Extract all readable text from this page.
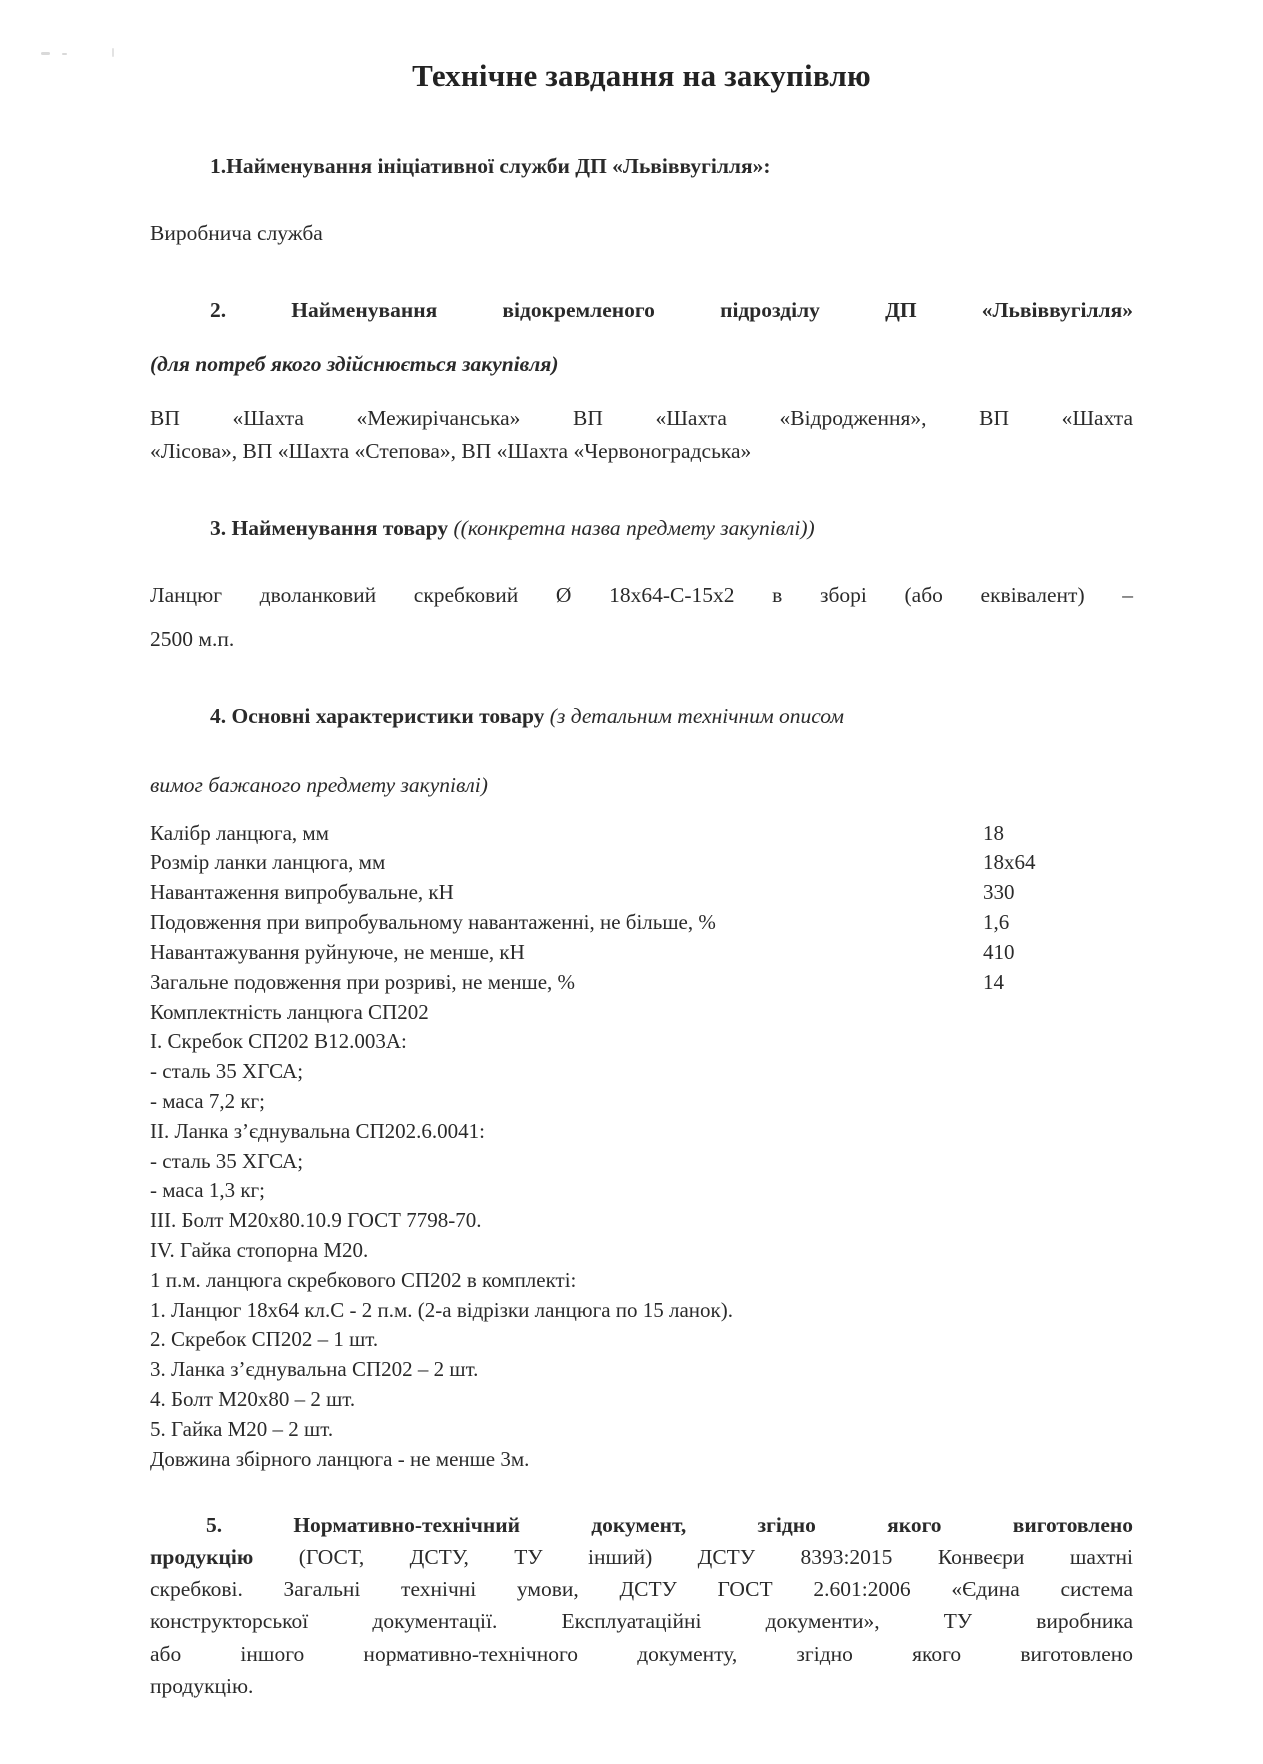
Технічне завдання на закупівлю

1.Найменування ініціативної служби ДП «Львіввугілля»:

Виробнича служба

2. Найменування відокремленого підрозділу ДП «Львіввугілля»

(для потреб якого здійснюється закупівля)

ВП «Шахта «Межирічанська» ВП «Шахта «Відродження», ВП «Шахта

«Лісова», ВП «Шахта «Степова», ВП «Шахта «Червоноградська»

3. Найменування товару ((конкретна назва предмету закупівлі))

Ланцюг дволанковий скребковий Ø 18х64-С-15х2 в зборі (або еквівалент) –

2500 м.п.

4. Основні характеристики товару (з детальним технічним описом

вимог бажаного предмету закупівлі)

Калібр ланцюга, мм	18
Розмір ланки ланцюга, мм	18х64
Навантаження випробувальне, кН	330
Подовження при випробувальному навантаженні, не більше, %	1,6
Навантажування руйнуюче, не менше, кН	410
Загальне подовження при розриві, не менше, %	14

Комплектність ланцюга СП202

І. Скребок СП202 В12.003А:

- сталь 35 ХГСА;

- маса 7,2 кг;

ІІ. Ланка з’єднувальна СП202.6.0041:

- сталь 35 ХГСА;

- маса 1,3 кг;

ІІІ. Болт М20х80.10.9 ГОСТ 7798-70.

ІV. Гайка стопорна М20.

1 п.м. ланцюга скребкового СП202 в комплекті:

1. Ланцюг 18х64 кл.С - 2 п.м. (2-а відрізки ланцюга по 15 ланок).

2. Скребок СП202 – 1 шт.

3. Ланка з’єднувальна СП202 – 2 шт.

4. Болт М20х80 – 2 шт.

5. Гайка М20 – 2 шт.

Довжина збірного ланцюга - не менше 3м.

5. Нормативно-технічний документ, згідно якого виготовлено

продукцію (ГОСТ, ДСТУ, ТУ інший) ДСТУ 8393:2015 Конвеєри шахтні

скребкові. Загальні технічні умови, ДСТУ ГОСТ 2.601:2006 «Єдина система

конструкторської документації. Експлуатаційні документи», ТУ виробника

або іншого нормативно-технічного документу, згідно якого виготовлено

продукцію.
